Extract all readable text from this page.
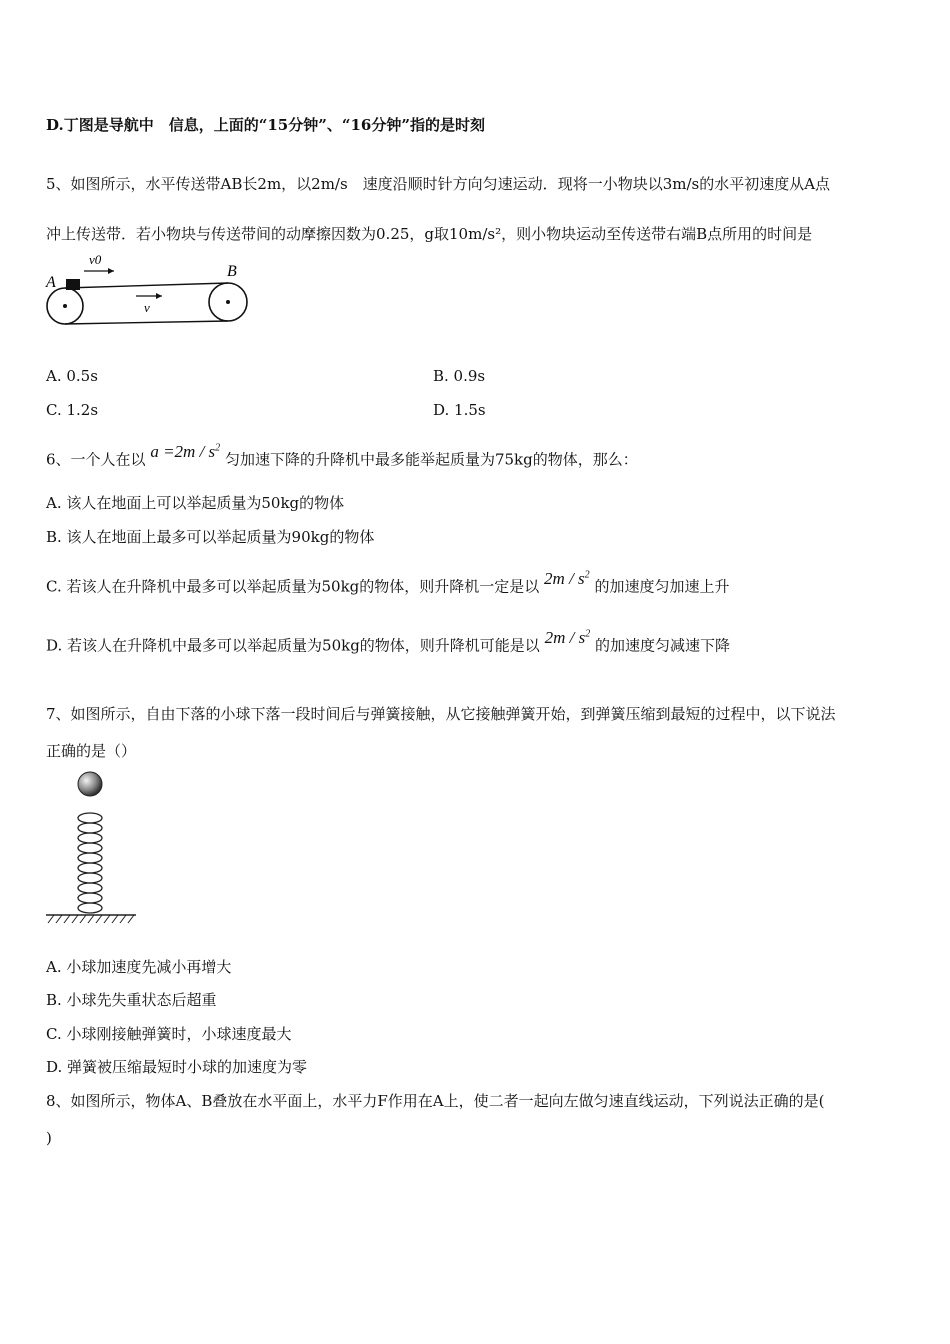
D.丁图是导航中　信息，上面的“15分钟”、“16分钟”指的是时刻
5、如图所示，水平传送带AB长2m，以2m/s　速度沿顺时针方向匀速运动．现将一小物块以3m/s的水平初速度从A点
冲上传送带．若小物块与传送带间的动摩擦因数为0.25，g取10m/s²，则小物块运动至传送带右端B点所用的时间是
A
B
v0
v
A. 0.5s	B. 0.9s
C. 1.2s	D. 1.5s
6、一个人在以 $a =2m / s^2$ 匀加速下降的升降机中最多能举起质量为75kg的物体，那么：
A. 该人在地面上可以举起质量为50kg的物体
B. 该人在地面上最多可以举起质量为90kg的物体
C. 若该人在升降机中最多可以举起质量为50kg的物体，则升降机一定是以 $2m / s^2$ 的加速度匀加速上升
D. 若该人在升降机中最多可以举起质量为50kg的物体，则升降机可能是以 $2m / s^2$ 的加速度匀减速下降
7、如图所示，自由下落的小球下落一段时间后与弹簧接触，从它接触弹簧开始，到弹簧压缩到最短的过程中，以下说法
正确的是（）
A. 小球加速度先减小再增大
B. 小球先失重状态后超重
C. 小球刚接触弹簧时，小球速度最大
D. 弹簧被压缩最短时小球的加速度为零
8、如图所示，物体A、B叠放在水平面上，水平力F作用在A上，使二者一起向左做匀速直线运动，下列说法正确的是(
)
